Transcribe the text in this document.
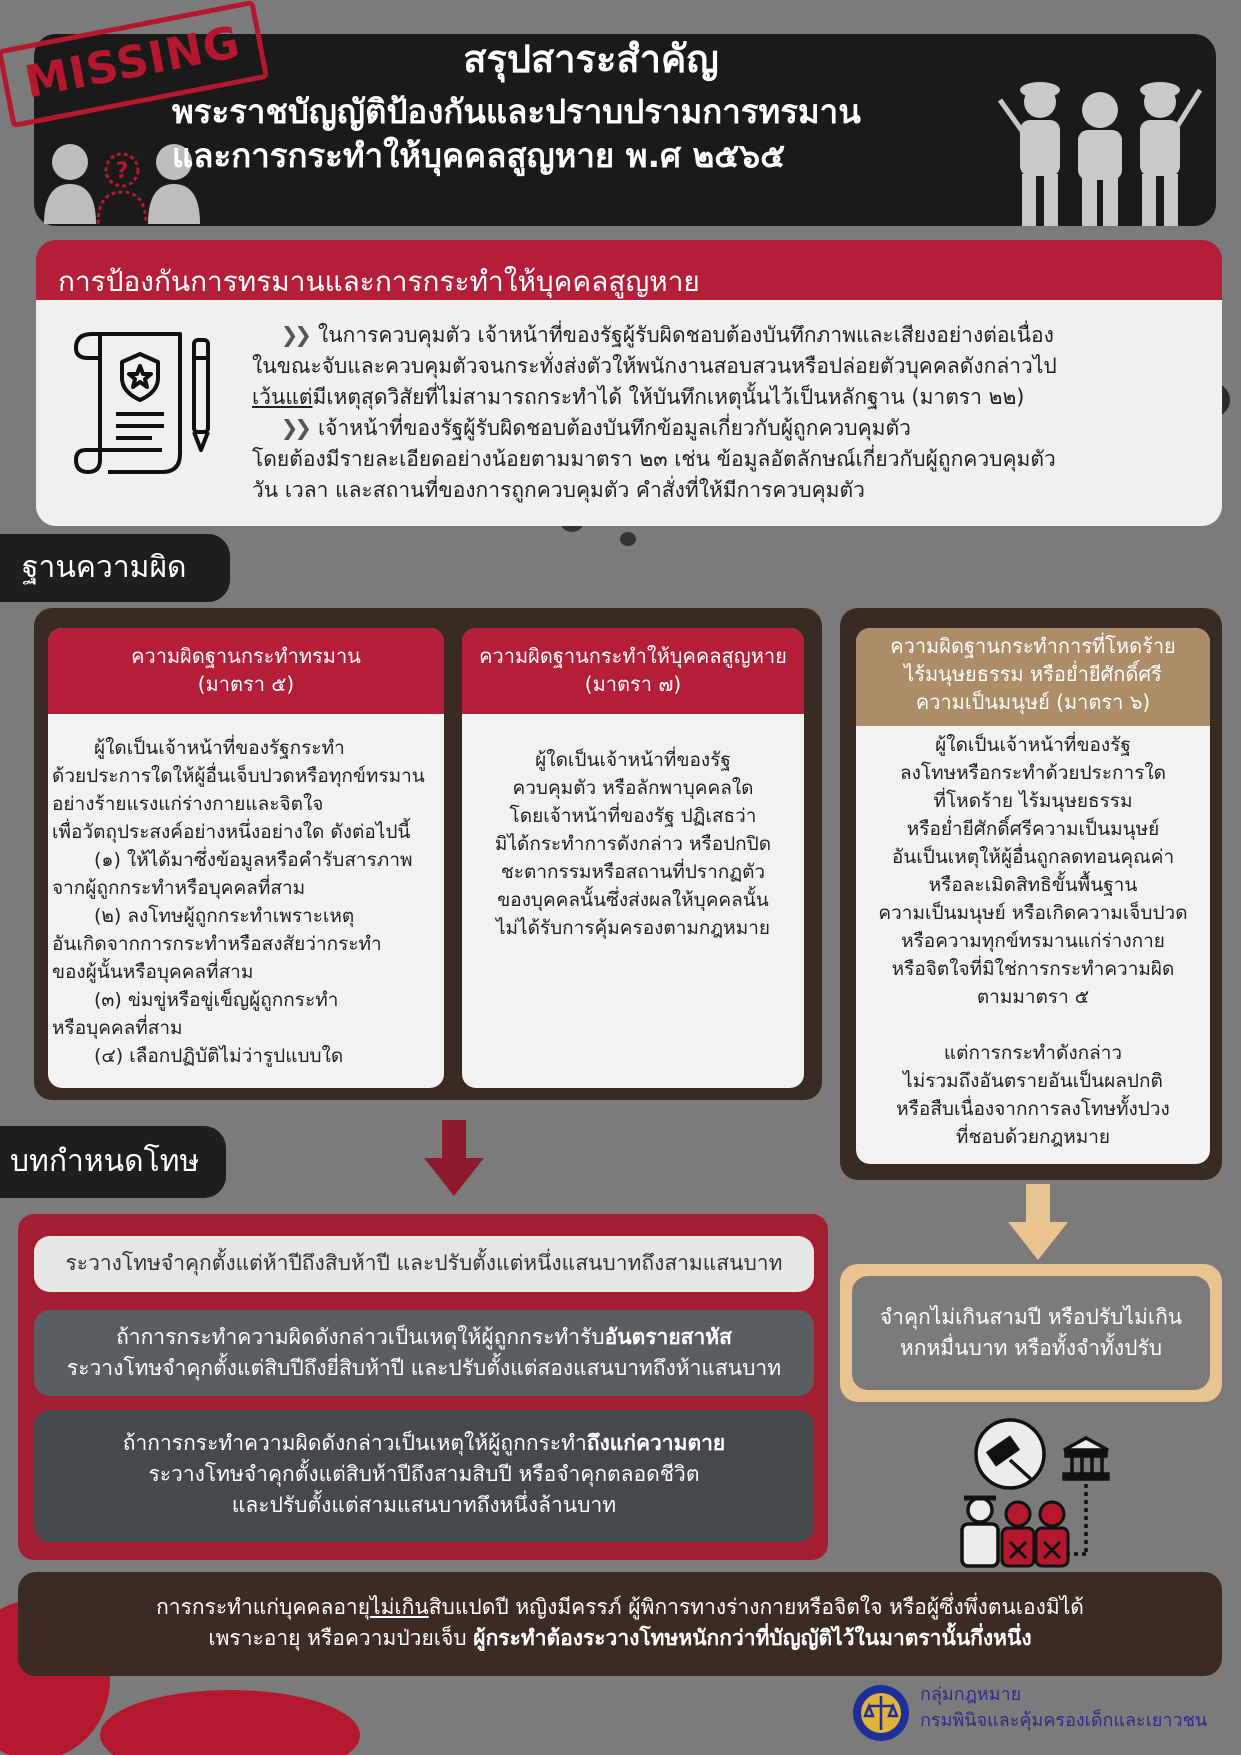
MISSING
?
สรุปสาระสำคัญ
พระราชบัญญัติป้องกันและปราบปรามการทรมาน
และการกระทำให้บุคคลสูญหาย พ.ศ ๒๕๖๕
การป้องกันการทรมานและการกระทำให้บุคคลสูญหาย
❯❯ ในการควบคุมตัว เจ้าหน้าที่ของรัฐผู้รับผิดชอบต้องบันทึกภาพและเสียงอย่างต่อเนื่อง
ในขณะจับและควบคุมตัวจนกระทั่งส่งตัวให้พนักงานสอบสวนหรือปล่อยตัวบุคคลดังกล่าวไป
เว้นแต่มีเหตุสุดวิสัยที่ไม่สามารถกระทำได้ ให้บันทึกเหตุนั้นไว้เป็นหลักฐาน (มาตรา ๒๒)
❯❯ เจ้าหน้าที่ของรัฐผู้รับผิดชอบต้องบันทึกข้อมูลเกี่ยวกับผู้ถูกควบคุมตัว
โดยต้องมีรายละเอียดอย่างน้อยตามมาตรา ๒๓ เช่น ข้อมูลอัตลักษณ์เกี่ยวกับผู้ถูกควบคุมตัว
วัน เวลา และสถานที่ของการถูกควบคุมตัว คำสั่งที่ให้มีการควบคุมตัว
ฐานความผิด
ความผิดฐานกระทำทรมาน
(มาตรา ๕)
ผู้ใดเป็นเจ้าหน้าที่ของรัฐกระทำ
ด้วยประการใดให้ผู้อื่นเจ็บปวดหรือทุกข์ทรมาน
อย่างร้ายแรงแก่ร่างกายและจิตใจ
เพื่อวัตถุประสงค์อย่างหนึ่งอย่างใด ดังต่อไปนี้
(๑) ให้ได้มาซึ่งข้อมูลหรือคำรับสารภาพ
จากผู้ถูกกระทำหรือบุคคลที่สาม
(๒) ลงโทษผู้ถูกกระทำเพราะเหตุ
อันเกิดจากการกระทำหรือสงสัยว่ากระทำ
ของผู้นั้นหรือบุคคลที่สาม
(๓) ข่มขู่หรือขู่เข็ญผู้ถูกกระทำ
หรือบุคคลที่สาม
(๔) เลือกปฏิบัติไม่ว่ารูปแบบใด
ความผิดฐานกระทำให้บุคคลสูญหาย
(มาตรา ๗)
ผู้ใดเป็นเจ้าหน้าที่ของรัฐ
ควบคุมตัว หรือลักพาบุคคลใด
โดยเจ้าหน้าที่ของรัฐ ปฏิเสธว่า
มิได้กระทำการดังกล่าว หรือปกปิด
ชะตากรรมหรือสถานที่ปรากฏตัว
ของบุคคลนั้นซึ่งส่งผลให้บุคคลนั้น
ไม่ได้รับการคุ้มครองตามกฎหมาย
ความผิดฐานกระทำการที่โหดร้าย
ไร้มนุษยธรรม หรือย่ำยีศักดิ์ศรี
ความเป็นมนุษย์ (มาตรา ๖)
ผู้ใดเป็นเจ้าหน้าที่ของรัฐ
ลงโทษหรือกระทำด้วยประการใด
ที่โหดร้าย ไร้มนุษยธรรม
หรือย่ำยีศักดิ์ศรีความเป็นมนุษย์
อันเป็นเหตุให้ผู้อื่นถูกลดทอนคุณค่า
หรือละเมิดสิทธิขั้นพื้นฐาน
ความเป็นมนุษย์ หรือเกิดความเจ็บปวด
หรือความทุกข์ทรมานแก่ร่างกาย
หรือจิตใจที่มิใช่การกระทำความผิด
ตามมาตรา ๕
แต่การกระทำดังกล่าว
ไม่รวมถึงอันตรายอันเป็นผลปกติ
หรือสืบเนื่องจากการลงโทษทั้งปวง
ที่ชอบด้วยกฎหมาย
บทกำหนดโทษ
ระวางโทษจำคุกตั้งแต่ห้าปีถึงสิบห้าปี และปรับตั้งแต่หนึ่งแสนบาทถึงสามแสนบาท
ถ้าการกระทำความผิดดังกล่าวเป็นเหตุให้ผู้ถูกกระทำรับอันตรายสาหัส
ระวางโทษจำคุกตั้งแต่สิบปีถึงยี่สิบห้าปี และปรับตั้งแต่สองแสนบาทถึงห้าแสนบาท
ถ้าการกระทำความผิดดังกล่าวเป็นเหตุให้ผู้ถูกกระทำถึงแก่ความตาย
ระวางโทษจำคุกตั้งแต่สิบห้าปีถึงสามสิบปี หรือจำคุกตลอดชีวิต
และปรับตั้งแต่สามแสนบาทถึงหนึ่งล้านบาท
จำคุกไม่เกินสามปี หรือปรับไม่เกิน
หกหมื่นบาท หรือทั้งจำทั้งปรับ
การกระทำแก่บุคคลอายุไม่เกินสิบแปดปี หญิงมีครรภ์ ผู้พิการทางร่างกายหรือจิตใจ หรือผู้ซึ่งพึ่งตนเองมิได้
เพราะอายุ หรือความป่วยเจ็บ ผู้กระทำต้องระวางโทษหนักกว่าที่บัญญัติไว้ในมาตรานั้นกึ่งหนึ่ง
กลุ่มกฎหมาย
กรมพินิจและคุ้มครองเด็กและเยาวชน
